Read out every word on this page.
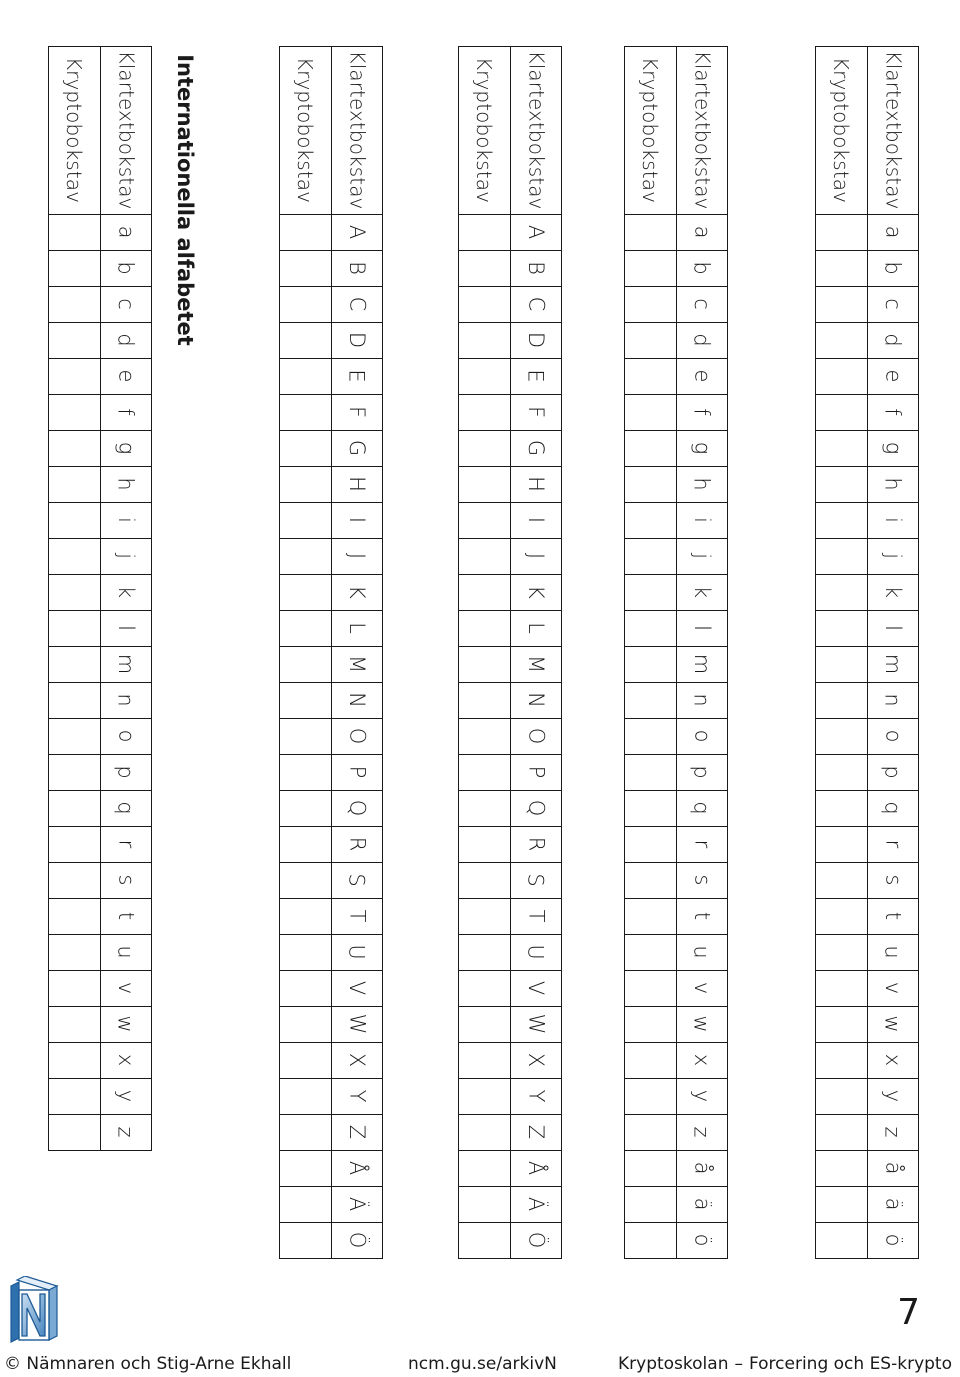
Klartextbokstav
Kryptobokstav
a
b
c
d
e
f
g
h
i
j
k
l
m
n
o
p
q
r
s
t
u
v
w
x
y
z
å
ä
ö
Klartextbokstav
Kryptobokstav
a
b
c
d
e
f
g
h
i
j
k
l
m
n
o
p
q
r
s
t
u
v
w
x
y
z
å
ä
ö
Klartextbokstav
Kryptobokstav
A
B
C
D
E
F
G
H
I
J
K
L
M
N
O
P
Q
R
S
T
U
V
W
X
Y
Z
Å
Ä
Ö
Klartextbokstav
Kryptobokstav
A
B
C
D
E
F
G
H
I
J
K
L
M
N
O
P
Q
R
S
T
U
V
W
X
Y
Z
Å
Ä
Ö
Klartextbokstav
Kryptobokstav
a
b
c
d
e
f
g
h
i
j
k
l
m
n
o
p
q
r
s
t
u
v
w
x
y
z
Internationella alfabetet
7
© Nämnaren och Stig-Arne Ekhall	ncm.gu.se/arkivN	Kryptoskolan – Forcering och ES-krypto
